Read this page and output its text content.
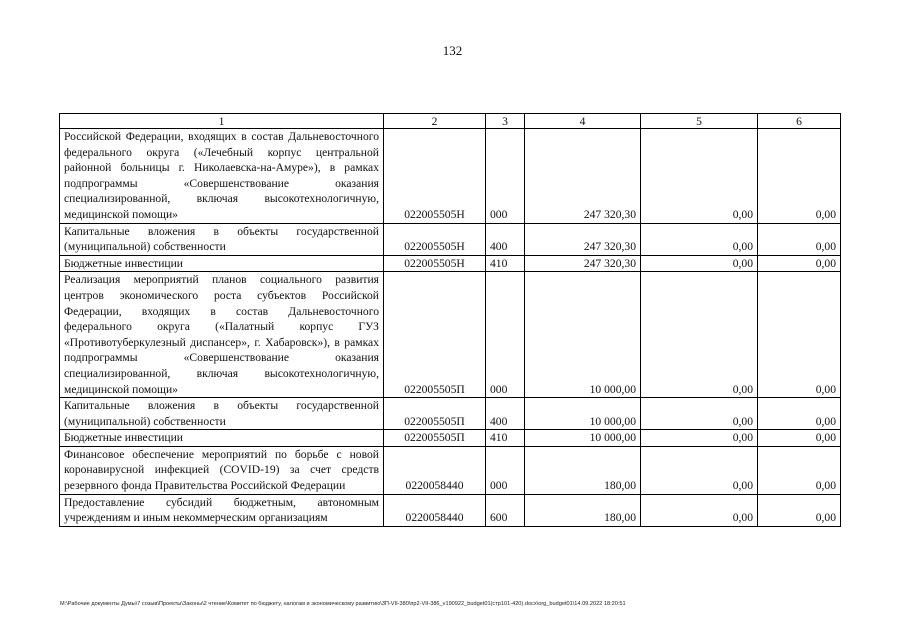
132
1	2	3	4	5	6
Российской Федерации, входящих в состав Дальневосточного федерального округа («Лечебный корпус центральной районной больницы г. Николаевска-на-Амуре»), в рамках подпрограммы «Совершенствование оказания специализированной, включая высокотехнологичную, медицинской помощи»	022005505Н	000	247 320,30	0,00	0,00
Капитальные вложения в объекты государственной (муниципальной) собственности	022005505Н	400	247 320,30	0,00	0,00
Бюджетные инвестиции	022005505Н	410	247 320,30	0,00	0,00
Реализация мероприятий планов социального развития центров экономического роста субъектов Российской Федерации, входящих в состав Дальневосточного федерального округа («Палатный корпус ГУЗ «Противотуберкулезный диспансер», г. Хабаровск»), в рамках подпрограммы «Совершенствование оказания специализированной, включая высокотехнологичную, медицинской помощи»	022005505П	000	10 000,00	0,00	0,00
Капитальные вложения в объекты государственной (муниципальной) собственности	022005505П	400	10 000,00	0,00	0,00
Бюджетные инвестиции	022005505П	410	10 000,00	0,00	0,00
Финансовое обеспечение мероприятий по борьбе с новой коронавирусной инфекцией (COVID-19) за счет средств резервного фонда Правительства Российской Федерации	0220058440	000	180,00	0,00	0,00
Предоставление субсидий бюджетным, автономным учреждениям и иным некоммерческим организациям	0220058440	600	180,00	0,00	0,00
M:\Рабочие документы Думы\7 созыв\Проекты\Законы\2 чтение\Комитет по бюджету, налогам и экономическому развитию\3П-VII-380\пр2-VII-386_v190922_budget01(стр101-420).docx\org_budget01\14.09.2022 18:20:51
